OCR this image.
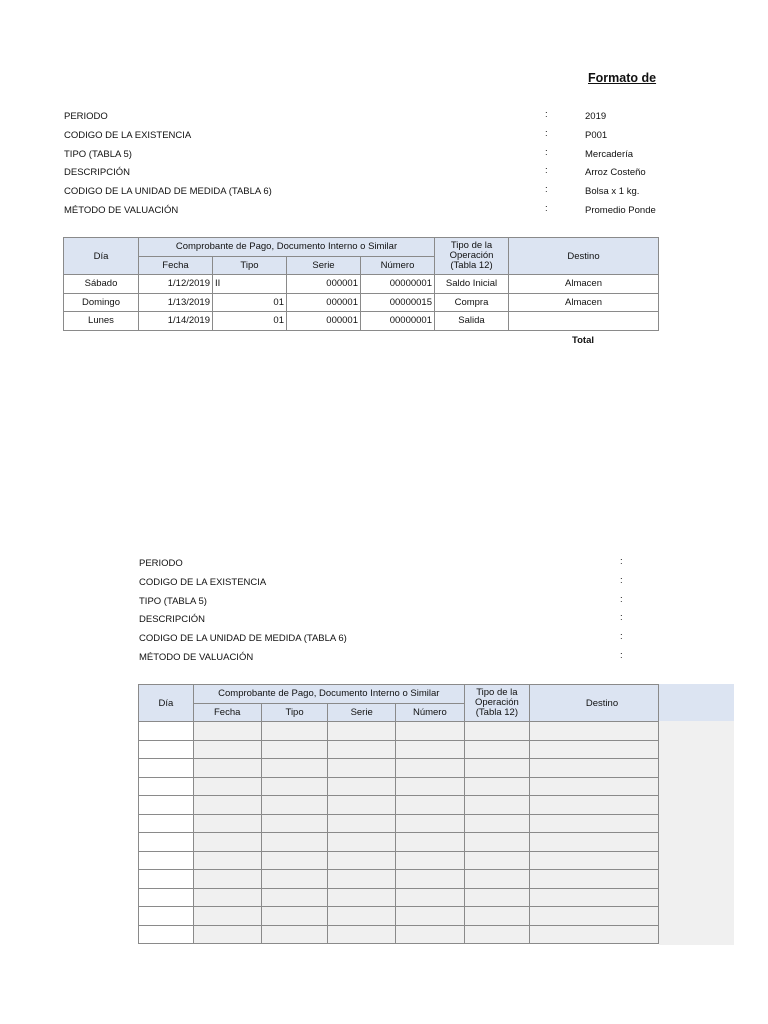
Formato de
PERIODO	:	2019
CODIGO DE LA EXISTENCIA	:	P001
TIPO (TABLA 5)	:	Mercadería
DESCRIPCIÓN	:	Arroz Costeño
CODIGO DE LA UNIDAD DE MEDIDA (TABLA 6)	:	Bolsa x 1 kg.
MÉTODO DE VALUACIÓN	:	Promedio Ponde
Día	Comprobante de Pago, Documento Interno o Similar				Tipo de la Operación (Tabla 12)	Destino
	Fecha	Tipo	Serie	Número		
Sábado	1/12/2019	II	000001	00000001	Saldo Inicial	Almacen
Domingo	1/13/2019	01	000001	00000015	Compra	Almacen
Lunes	1/14/2019	01	000001	00000001	Salida	
Total
PERIODO	:
CODIGO DE LA EXISTENCIA	:
TIPO (TABLA 5)	:
DESCRIPCIÓN	:
CODIGO DE LA UNIDAD DE MEDIDA (TABLA 6)	:
MÉTODO DE VALUACIÓN	:
Día	Comprobante de Pago, Documento Interno o Similar				Tipo de la Operación (Tabla 12)	Destino
	Fecha	Tipo	Serie	Número		
